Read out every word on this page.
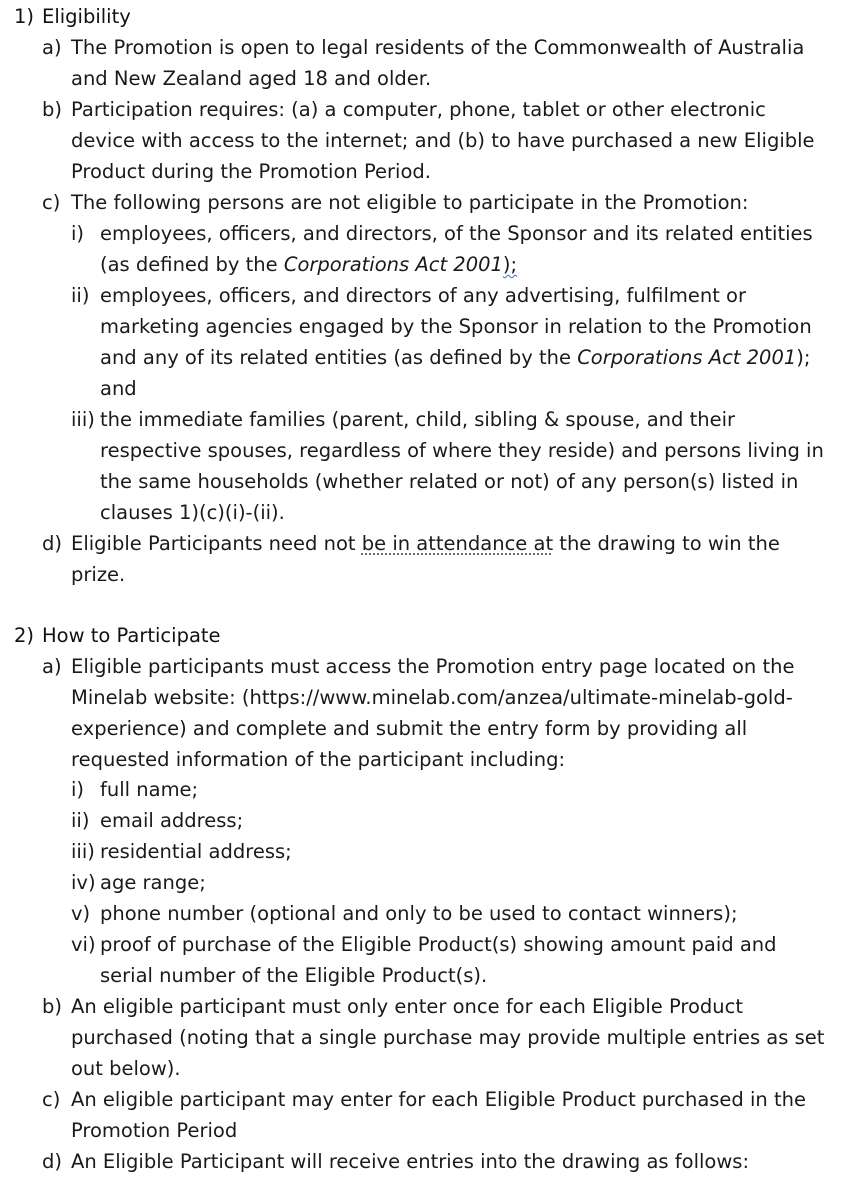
1) Eligibility
a) The Promotion is open to legal residents of the Commonwealth of Australia
and New Zealand aged 18 and older.
b) Participation requires: (a) a computer, phone, tablet or other electronic
device with access to the internet; and (b) to have purchased a new Eligible
Product during the Promotion Period.
c) The following persons are not eligible to participate in the Promotion:
i) employees, officers, and directors, of the Sponsor and its related entities
(as defined by the Corporations Act 2001);
ii) employees, officers, and directors of any advertising, fulfilment or
marketing agencies engaged by the Sponsor in relation to the Promotion
and any of its related entities (as defined by the Corporations Act 2001);
and
iii) the immediate families (parent, child, sibling & spouse, and their
respective spouses, regardless of where they reside) and persons living in
the same households (whether related or not) of any person(s) listed in
clauses 1)(c)(i)-(ii).
d) Eligible Participants need not be in attendance at the drawing to win the
prize.
2) How to Participate
a) Eligible participants must access the Promotion entry page located on the
Minelab website: (https://www.minelab.com/anzea/ultimate-minelab-gold-
experience) and complete and submit the entry form by providing all
requested information of the participant including:
i) full name;
ii) email address;
iii) residential address;
iv) age range;
v) phone number (optional and only to be used to contact winners);
vi) proof of purchase of the Eligible Product(s) showing amount paid and
serial number of the Eligible Product(s).
b) An eligible participant must only enter once for each Eligible Product
purchased (noting that a single purchase may provide multiple entries as set
out below).
c) An eligible participant may enter for each Eligible Product purchased in the
Promotion Period
d) An Eligible Participant will receive entries into the drawing as follows:
